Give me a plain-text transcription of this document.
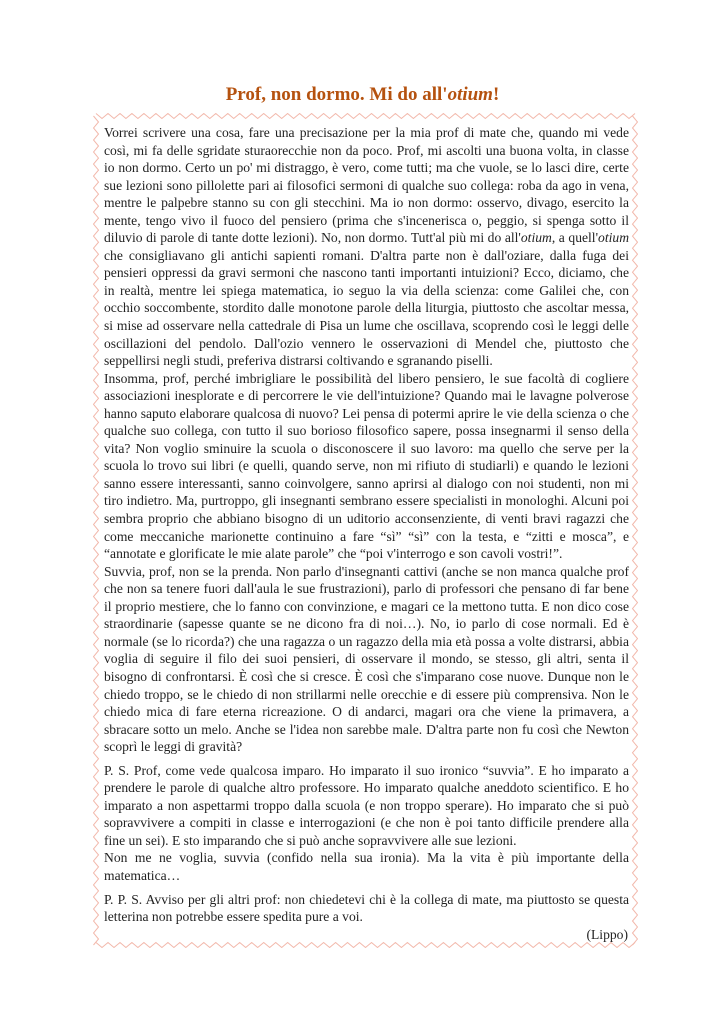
Prof, non dormo. Mi do all'otium!

Vorrei scrivere una cosa, fare una precisazione per la mia prof di mate che, quando mi vede così, mi fa delle sgridate sturaorecchie non da poco. Prof, mi ascolti una buona volta, in classe io non dormo. Certo un po' mi distraggo, è vero, come tutti; ma che vuole, se lo lasci dire, certe sue lezioni sono pillolette pari ai filosofici sermoni di qualche suo collega: roba da ago in vena, mentre le palpebre stanno su con gli stecchini. Ma io non dormo: osservo, divago, esercito la mente, tengo vivo il fuoco del pensiero (prima che s'incenerisca o, peggio, si spenga sotto il diluvio di parole di tante dotte lezioni). No, non dormo. Tutt'al più mi do all'otium, a quell'otium che consigliavano gli antichi sapienti romani. D'altra parte non è dall'oziare, dalla fuga dei pensieri oppressi da gravi sermoni che nascono tanti importanti intuizioni? Ecco, diciamo, che in realtà, mentre lei spiega matematica, io seguo la via della scienza: come Galilei che, con occhio soccombente, stordito dalle monotone parole della liturgia, piuttosto che ascoltar messa, si mise ad osservare nella cattedrale di Pisa un lume che oscillava, scoprendo così le leggi delle oscillazioni del pendolo. Dall'ozio vennero le osservazioni di Mendel che, piuttosto che seppellirsi negli studi, preferiva distrarsi coltivando e sgranando piselli.

Insomma, prof, perché imbrigliare le possibilità del libero pensiero, le sue facoltà di cogliere associazioni inesplorate e di percorrere le vie dell'intuizione? Quando mai le lavagne polverose hanno saputo elaborare qualcosa di nuovo? Lei pensa di potermi aprire le vie della scienza o che qualche suo collega, con tutto il suo borioso filosofico sapere, possa insegnarmi il senso della vita? Non voglio sminuire la scuola o disconoscere il suo lavoro: ma quello che serve per la scuola lo trovo sui libri (e quelli, quando serve, non mi rifiuto di studiarli) e quando le lezioni sanno essere interessanti, sanno coinvolgere, sanno aprirsi al dialogo con noi studenti, non mi tiro indietro. Ma, purtroppo, gli insegnanti sembrano essere specialisti in monologhi. Alcuni poi sembra proprio che abbiano bisogno di un uditorio acconsenziente, di venti bravi ragazzi che come meccaniche marionette continuino a fare “sì” “sì” con la testa, e “zitti e mosca”, e “annotate e glorificate le mie alate parole” che “poi v'interrogo e son cavoli vostri!”.

Suvvia, prof, non se la prenda. Non parlo d'insegnanti cattivi (anche se non manca qualche prof che non sa tenere fuori dall'aula le sue frustrazioni), parlo di professori che pensano di far bene il proprio mestiere, che lo fanno con convinzione, e magari ce la mettono tutta. E non dico cose straordinarie (sapesse quante se ne dicono fra di noi…). No, io parlo di cose normali. Ed è normale (se lo ricorda?) che una ragazza o un ragazzo della mia età possa a volte distrarsi, abbia voglia di seguire il filo dei suoi pensieri, di osservare il mondo, se stesso, gli altri, senta il bisogno di confrontarsi. È così che si cresce. È così che s'imparano cose nuove. Dunque non le chiedo troppo, se le chiedo di non strillarmi nelle orecchie e di essere più comprensiva. Non le chiedo mica di fare eterna ricreazione. O di andarci, magari ora che viene la primavera, a sbracare sotto un melo. Anche se l'idea non sarebbe male. D'altra parte non fu così che Newton scoprì le leggi di gravità?

P. S. Prof, come vede qualcosa imparo. Ho imparato il suo ironico “suvvia”. E ho imparato a prendere le parole di qualche altro professore. Ho imparato qualche aneddoto scientifico. E ho imparato a non aspettarmi troppo dalla scuola (e non troppo sperare). Ho imparato che si può sopravvivere a compiti in classe e interrogazioni (e che non è poi tanto difficile prendere alla fine un sei). E sto imparando che si può anche sopravvivere alle sue lezioni.

Non me ne voglia, suvvia (confido nella sua ironia). Ma la vita è più importante della matematica…

P. P. S. Avviso per gli altri prof: non chiedetevi chi è la collega di mate, ma piuttosto se questa letterina non potrebbe essere spedita pure a voi.

(Lippo)
